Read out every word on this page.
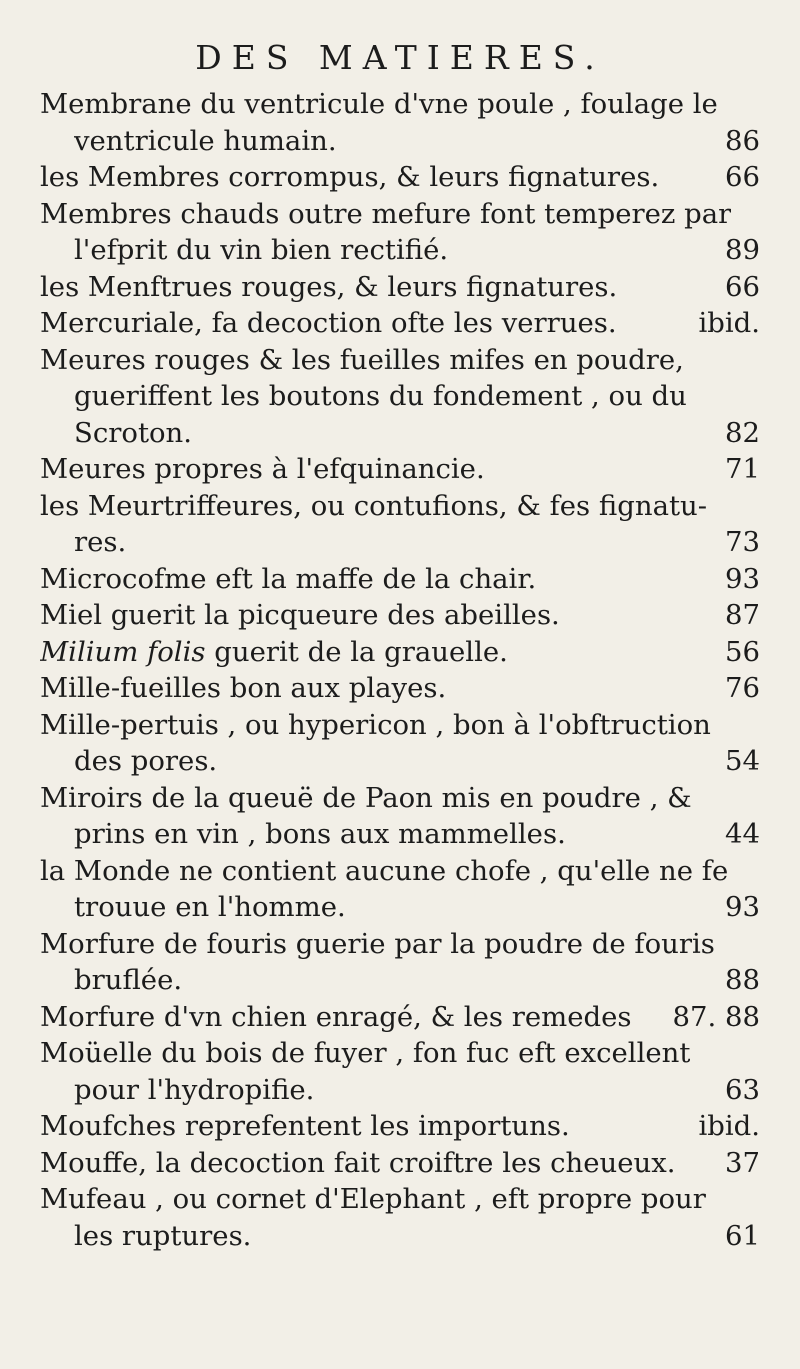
DES MATIERES.
Membrane du ventricule d'vne poule , foulage le
ventricule humain.	86
les Membres corrompus, & leurs fignatures.	66
Membres chauds outre mefure font temperez par
l'efprit du vin bien rectifié.	89
les Menftrues rouges, & leurs fignatures.	66
Mercuriale, fa decoction ofte les verrues.	ibid.
Meures rouges & les fueilles mifes en poudre,
gueriffent les boutons du fondement , ou du
Scroton.	82
Meures propres à l'efquinancie.	71
les Meurtriffeures, ou contufions, & fes fignatu-
res.	73
Microcofme eft la maffe de la chair.	93
Miel guerit la picqueure des abeilles.	87
Milium folis guerit de la grauelle.	56
Mille-fueilles bon aux playes.	76
Mille-pertuis , ou hypericon , bon à l'obftruction
des pores.	54
Miroirs de la queuë de Paon mis en poudre , &
prins en vin , bons aux mammelles.	44
la Monde ne contient aucune chofe , qu'elle ne fe
trouue en l'homme.	93
Morfure de fouris guerie par la poudre de fouris
bruflée.	88
Morfure d'vn chien enragé, & les remedes	87. 88
Moüelle du bois de fuyer , fon fuc eft excellent
pour l'hydropifie.	63
Moufches reprefentent les importuns.	ibid.
Mouffe, la decoction fait croiftre les cheueux.	37
Mufeau , ou cornet d'Elephant , eft propre pour
les ruptures.	61
